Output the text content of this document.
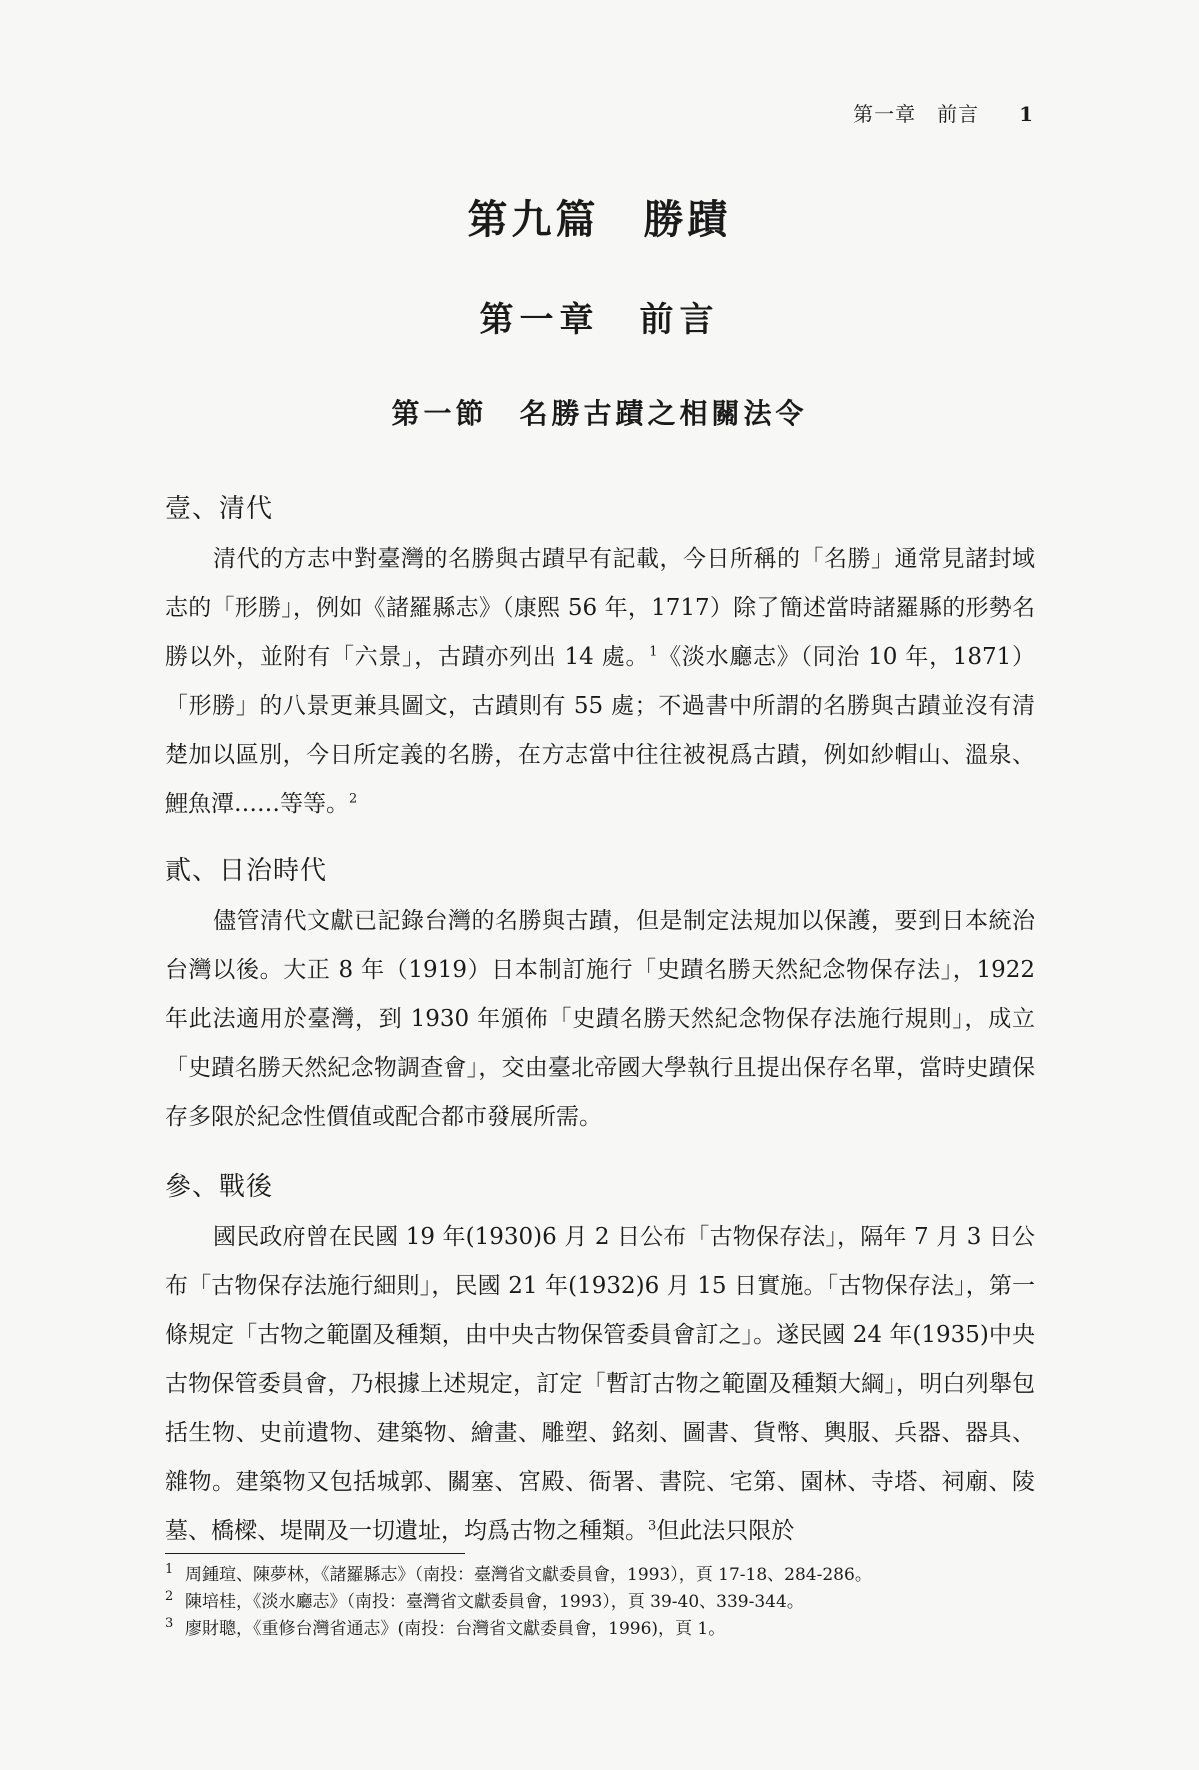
第一章　前言 1
第九篇　勝蹟
第一章　前言
第一節　名勝古蹟之相關法令
壹、清代

清代的方志中對臺灣的名勝與古蹟早有記載，今日所稱的「名勝」通常見諸封域志的「形勝」，例如《諸羅縣志》（康熙 56 年，1717）除了簡述當時諸羅縣的形勢名勝以外，並附有「六景」，古蹟亦列出 14 處。$^1$《淡水廳志》（同治 10 年，1871）「形勝」的八景更兼具圖文，古蹟則有 55 處；不過書中所謂的名勝與古蹟並沒有清楚加以區別，今日所定義的名勝，在方志當中往往被視爲古蹟，例如紗帽山、溫泉、鯉魚潭……等等。$^2$

貳、日治時代

儘管清代文獻已記錄台灣的名勝與古蹟，但是制定法規加以保護，要到日本統治台灣以後。大正 8 年（1919）日本制訂施行「史蹟名勝天然紀念物保存法」，1922 年此法適用於臺灣，到 1930 年頒佈「史蹟名勝天然紀念物保存法施行規則」，成立「史蹟名勝天然紀念物調查會」，交由臺北帝國大學執行且提出保存名單，當時史蹟保存多限於紀念性價值或配合都市發展所需。

參、戰後

國民政府曾在民國 19 年(1930)6 月 2 日公布「古物保存法」，隔年 7 月 3 日公布「古物保存法施行細則」，民國 21 年(1932)6 月 15 日實施。「古物保存法」，第一條規定「古物之範圍及種類，由中央古物保管委員會訂之」。遂民國 24 年(1935)中央古物保管委員會，乃根據上述規定，訂定「暫訂古物之範圍及種類大綱」，明白列舉包括生物、史前遺物、建築物、繪畫、雕塑、銘刻、圖書、貨幣、輿服、兵器、器具、雜物。建築物又包括城郭、關塞、宮殿、衙署、書院、宅第、園林、寺塔、祠廟、陵墓、橋樑、堤閘及一切遺址，均爲古物之種類。$^3$但此法只限於

1 周鍾瑄、陳夢林，《諸羅縣志》（南投：臺灣省文獻委員會，1993），頁 17-18、284-286。

2 陳培桂，《淡水廳志》（南投：臺灣省文獻委員會，1993），頁 39-40、339-344。

3 廖財聰，《重修台灣省通志》(南投：台灣省文獻委員會，1996)，頁 1。
